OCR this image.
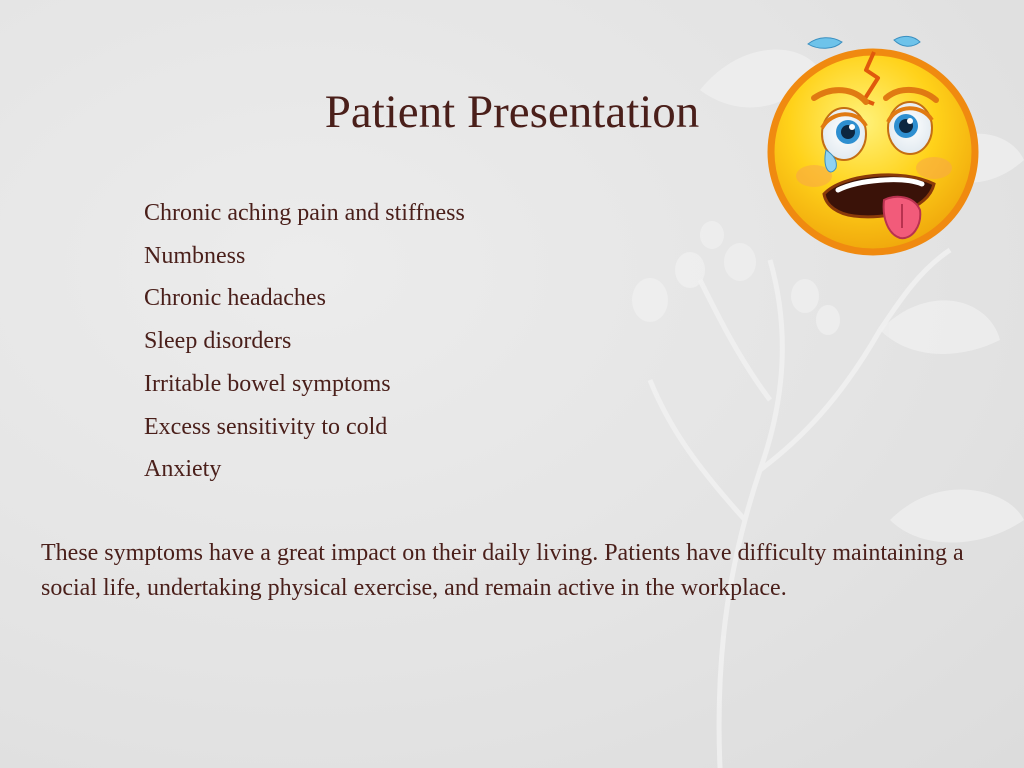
Patient Presentation
Chronic aching pain and stiffness
Numbness
Chronic headaches
Sleep disorders
Irritable bowel symptoms
Excess sensitivity to cold
Anxiety

These symptoms have a great impact on their daily living. Patients have difficulty maintaining a social life, undertaking physical exercise, and remain active in the workplace.
